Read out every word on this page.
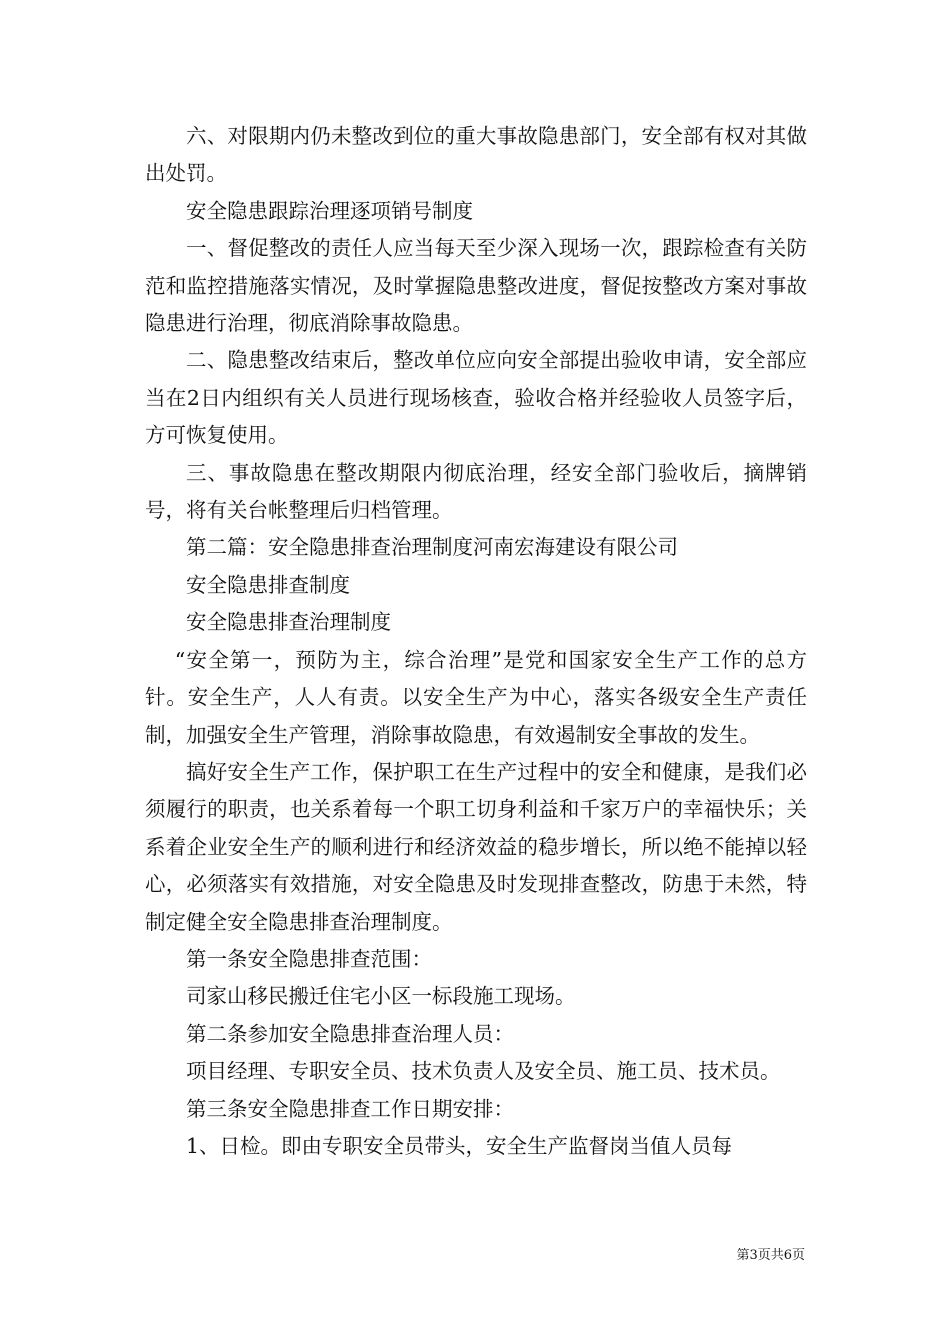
六、对限期内仍未整改到位的重大事故隐患部门，安全部有权对其做出处罚。

安全隐患跟踪治理逐项销号制度

一、督促整改的责任人应当每天至少深入现场一次，跟踪检查有关防范和监控措施落实情况，及时掌握隐患整改进度，督促按整改方案对事故隐患进行治理，彻底消除事故隐患。

二、隐患整改结束后，整改单位应向安全部提出验收申请，安全部应当在2日内组织有关人员进行现场核查，验收合格并经验收人员签字后，方可恢复使用。

三、事故隐患在整改期限内彻底治理，经安全部门验收后，摘牌销号，将有关台帐整理后归档管理。

第二篇：安全隐患排查治理制度河南宏海建设有限公司

安全隐患排查制度

安全隐患排查治理制度

“安全第一，预防为主，综合治理”是党和国家安全生产工作的总方针。安全生产，人人有责。以安全生产为中心，落实各级安全生产责任制，加强安全生产管理，消除事故隐患，有效遏制安全事故的发生。

搞好安全生产工作，保护职工在生产过程中的安全和健康，是我们必须履行的职责，也关系着每一个职工切身利益和千家万户的幸福快乐；关系着企业安全生产的顺利进行和经济效益的稳步增长，所以绝不能掉以轻心，必须落实有效措施，对安全隐患及时发现排查整改，防患于未然，特制定健全安全隐患排查治理制度。

第一条安全隐患排查范围：

司家山移民搬迁住宅小区一标段施工现场。

第二条参加安全隐患排查治理人员：

项目经理、专职安全员、技术负责人及安全员、施工员、技术员。

第三条安全隐患排查工作日期安排：

1、日检。即由专职安全员带头，安全生产监督岗当值人员每

第3页共6页
